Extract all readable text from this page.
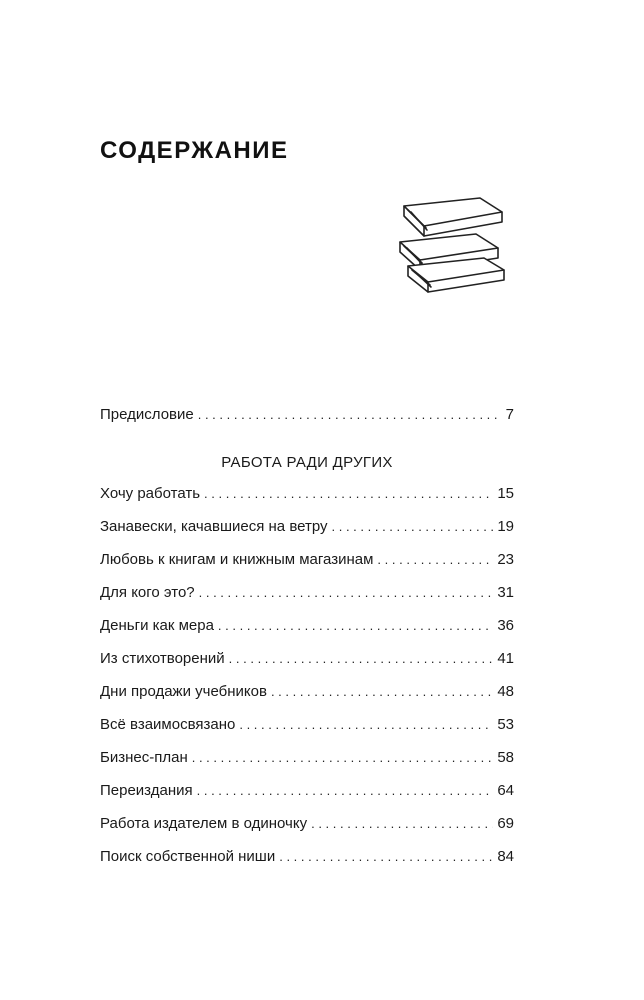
СОДЕРЖАНИЕ
Предисловие . . .	7
РАБОТА РАДИ ДРУГИХ
Хочу работать . . .	15
Занавески, качавшиеся на ветру . . .	19
Любовь к книгам и книжным магазинам . . .	23
Для кого это? . . .	31
Деньги как мера . . .	36
Из стихотворений . . .	41
Дни продажи учебников . . .	48
Всё взаимосвязано . . .	53
Бизнес-план . . .	58
Переиздания . . .	64
Работа издателем в одиночку . . .	69
Поиск собственной ниши . . .	84
